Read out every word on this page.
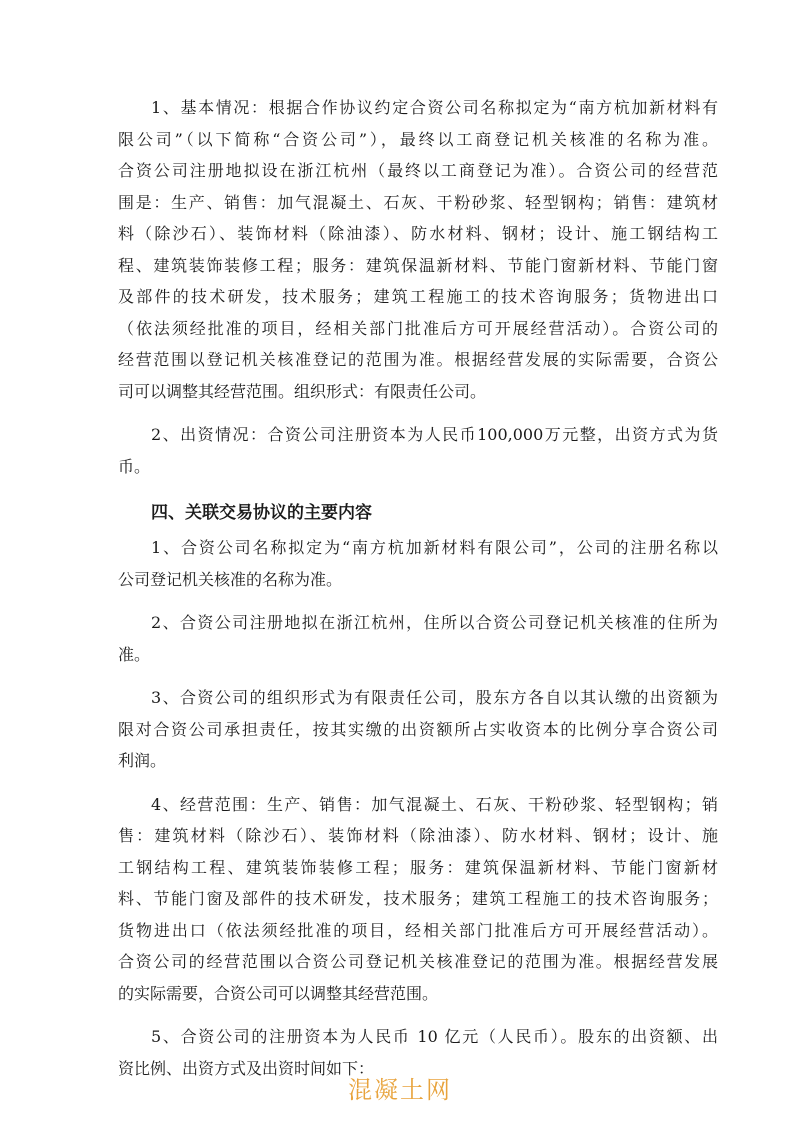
1、基本情况：根据合作协议约定合资公司名称拟定为“南方杭加新材料有
限公司”（以下简称“合资公司”），最终以工商登记机关核准的名称为准。
合资公司注册地拟设在浙江杭州（最终以工商登记为准）。合资公司的经营范
围是：生产、销售：加气混凝土、石灰、干粉砂浆、轻型钢构；销售：建筑材
料（除沙石）、装饰材料（除油漆）、防水材料、钢材；设计、施工钢结构工
程、建筑装饰装修工程；服务：建筑保温新材料、节能门窗新材料、节能门窗
及部件的技术研发，技术服务；建筑工程施工的技术咨询服务；货物进出口
（依法须经批准的项目，经相关部门批准后方可开展经营活动）。合资公司的
经营范围以登记机关核准登记的范围为准。根据经营发展的实际需要，合资公
司可以调整其经营范围。组织形式：有限责任公司。
2、出资情况：合资公司注册资本为人民币100,000万元整，出资方式为货
币。
四、关联交易协议的主要内容
1、合资公司名称拟定为“南方杭加新材料有限公司”，公司的注册名称以
公司登记机关核准的名称为准。
2、合资公司注册地拟在浙江杭州，住所以合资公司登记机关核准的住所为
准。
3、合资公司的组织形式为有限责任公司，股东方各自以其认缴的出资额为
限对合资公司承担责任，按其实缴的出资额所占实收资本的比例分享合资公司
利润。
4、经营范围：生产、销售：加气混凝土、石灰、干粉砂浆、轻型钢构；销
售：建筑材料（除沙石）、装饰材料（除油漆）、防水材料、钢材；设计、施
工钢结构工程、建筑装饰装修工程；服务：建筑保温新材料、节能门窗新材
料、节能门窗及部件的技术研发，技术服务；建筑工程施工的技术咨询服务；
货物进出口（依法须经批准的项目，经相关部门批准后方可开展经营活动）。
合资公司的经营范围以合资公司登记机关核准登记的范围为准。根据经营发展
的实际需要，合资公司可以调整其经营范围。
5、合资公司的注册资本为人民币 10 亿元（人民币）。股东的出资额、出
资比例、出资方式及出资时间如下：
混凝土网
